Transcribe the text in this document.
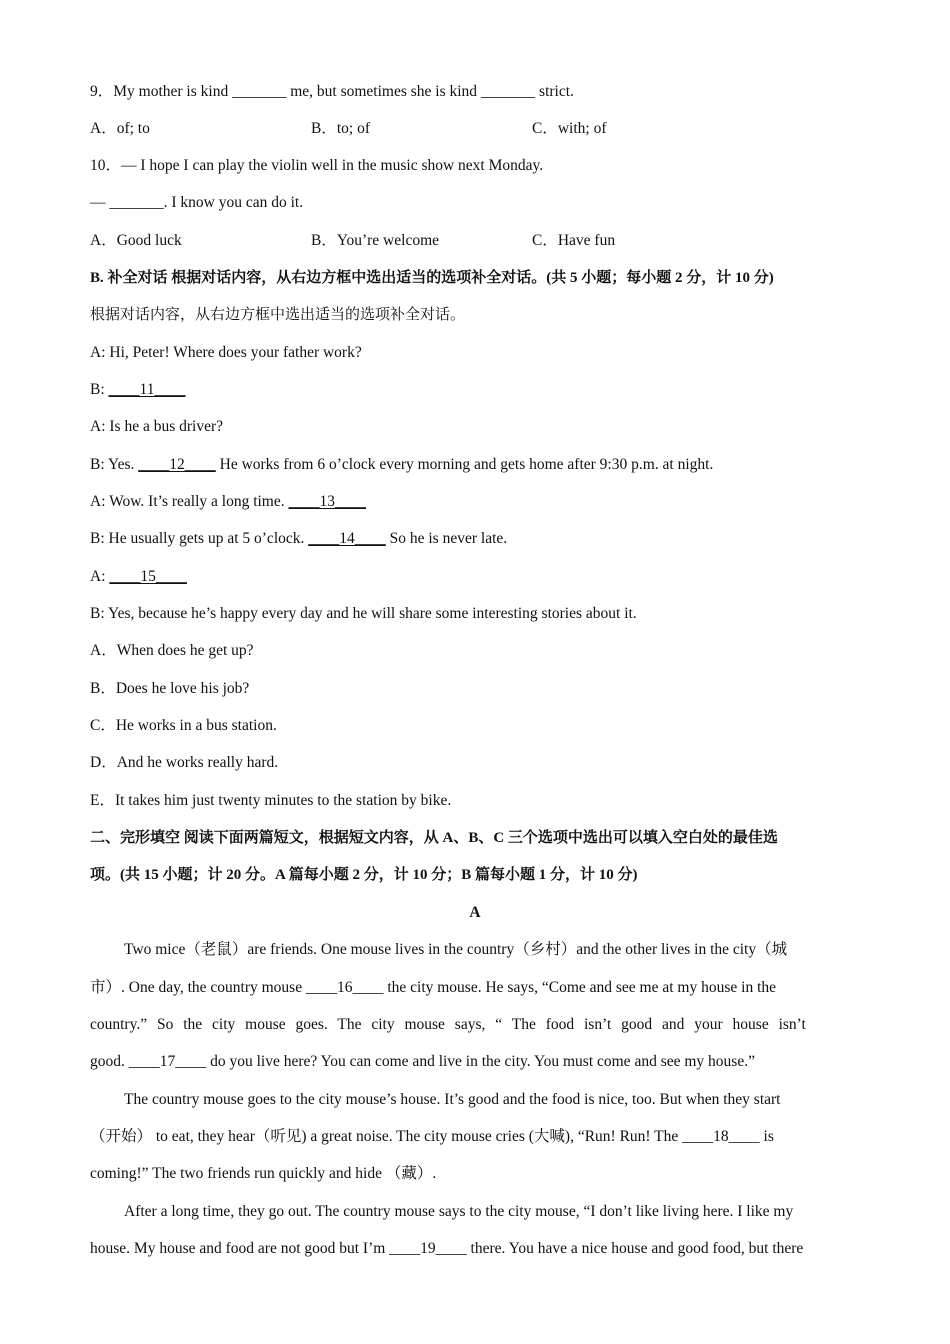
9．My mother is kind _______ me, but sometimes she is kind _______ strict.
A．of; to	B．to; of	C．with; of
10．— I hope I can play the violin well in the music show next Monday.
— _______. I know you can do it.
A．Good luck	B．You’re welcome	C．Have fun
B. 补全对话 根据对话内容，从右边方框中选出适当的选项补全对话。(共 5 小题；每小题 2 分，计 10 分)
根据对话内容，从右边方框中选出适当的选项补全对话。
A: Hi, Peter! Where does your father work?
B: ____11____
A: Is he a bus driver?
B: Yes. ____12____ He works from 6 o’clock every morning and gets home after 9:30 p.m. at night.
A: Wow. It’s really a long time. ____13____
B: He usually gets up at 5 o’clock. ____14____ So he is never late.
A: ____15____
B: Yes, because he’s happy every day and he will share some interesting stories about it.
A．When does he get up?
B．Does he love his job?
C．He works in a bus station.
D．And he works really hard.
E．It takes him just twenty minutes to the station by bike.
二、完形填空 阅读下面两篇短文，根据短文内容，从 A、B、C 三个选项中选出可以填入空白处的最佳选
项。(共 15 小题；计 20 分。A 篇每小题 2 分，计 10 分；B 篇每小题 1 分，计 10 分)
A
Two mice（老鼠）are friends. One mouse lives in the country（乡村）and the other lives in the city（城
市）. One day, the country mouse ____16____ the city mouse. He says, “Come and see me at my house in the
country.” So the city mouse goes. The city mouse says, “ The food isn’t good and your house isn’t
good. ____17____ do you live here? You can come and live in the city. You must come and see my house.”
The country mouse goes to the city mouse’s house. It’s good and the food is nice, too. But when they start
（开始） to eat, they hear（听见) a great noise. The city mouse cries (大喊), “Run! Run! The ____18____ is
coming!” The two friends run quickly and hide （藏）.
After a long time, they go out. The country mouse says to the city mouse, “I don’t like living here. I like my
house. My house and food are not good but I’m ____19____ there. You have a nice house and good food, but there
